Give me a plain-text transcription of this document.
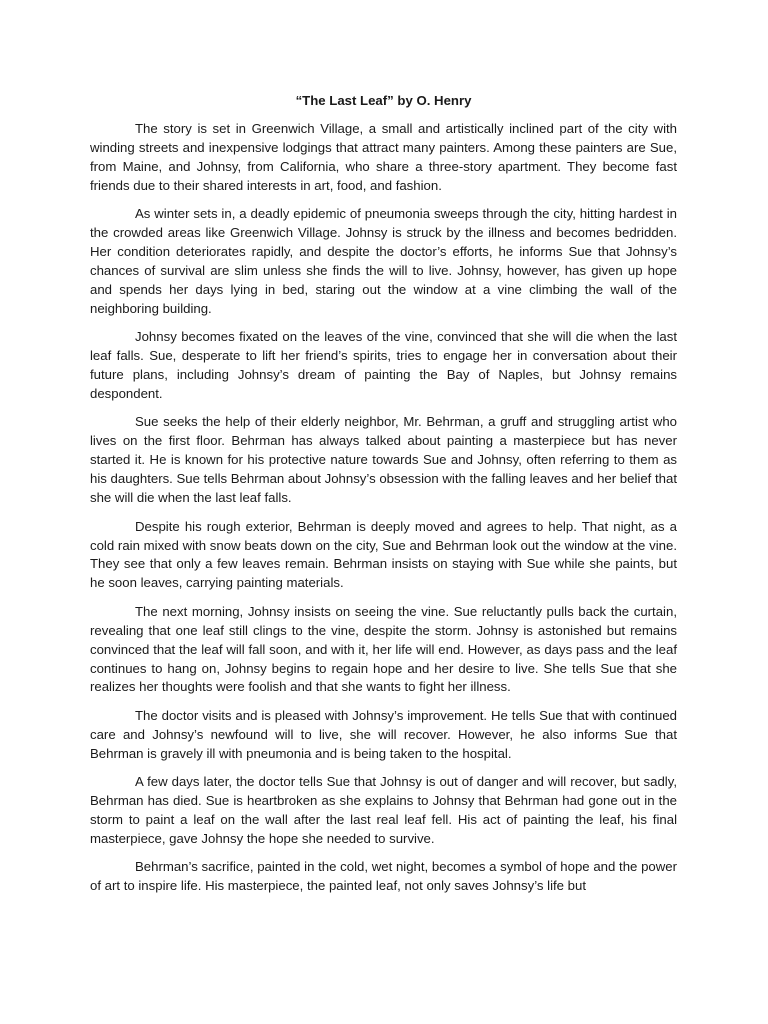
“The Last Leaf” by O. Henry

The story is set in Greenwich Village, a small and artistically inclined part of the city with winding streets and inexpensive lodgings that attract many painters. Among these painters are Sue, from Maine, and Johnsy, from California, who share a three-story apartment. They become fast friends due to their shared interests in art, food, and fashion.

As winter sets in, a deadly epidemic of pneumonia sweeps through the city, hitting hardest in the crowded areas like Greenwich Village. Johnsy is struck by the illness and becomes bedridden. Her condition deteriorates rapidly, and despite the doctor’s efforts, he informs Sue that Johnsy’s chances of survival are slim unless she finds the will to live. Johnsy, however, has given up hope and spends her days lying in bed, staring out the window at a vine climbing the wall of the neighboring building.

Johnsy becomes fixated on the leaves of the vine, convinced that she will die when the last leaf falls. Sue, desperate to lift her friend’s spirits, tries to engage her in conversation about their future plans, including Johnsy’s dream of painting the Bay of Naples, but Johnsy remains despondent.

Sue seeks the help of their elderly neighbor, Mr. Behrman, a gruff and struggling artist who lives on the first floor. Behrman has always talked about painting a masterpiece but has never started it. He is known for his protective nature towards Sue and Johnsy, often referring to them as his daughters. Sue tells Behrman about Johnsy’s obsession with the falling leaves and her belief that she will die when the last leaf falls.

Despite his rough exterior, Behrman is deeply moved and agrees to help. That night, as a cold rain mixed with snow beats down on the city, Sue and Behrman look out the window at the vine. They see that only a few leaves remain. Behrman insists on staying with Sue while she paints, but he soon leaves, carrying painting materials.

The next morning, Johnsy insists on seeing the vine. Sue reluctantly pulls back the curtain, revealing that one leaf still clings to the vine, despite the storm. Johnsy is astonished but remains convinced that the leaf will fall soon, and with it, her life will end. However, as days pass and the leaf continues to hang on, Johnsy begins to regain hope and her desire to live. She tells Sue that she realizes her thoughts were foolish and that she wants to fight her illness.

The doctor visits and is pleased with Johnsy’s improvement. He tells Sue that with continued care and Johnsy’s newfound will to live, she will recover. However, he also informs Sue that Behrman is gravely ill with pneumonia and is being taken to the hospital.

A few days later, the doctor tells Sue that Johnsy is out of danger and will recover, but sadly, Behrman has died. Sue is heartbroken as she explains to Johnsy that Behrman had gone out in the storm to paint a leaf on the wall after the last real leaf fell. His act of painting the leaf, his final masterpiece, gave Johnsy the hope she needed to survive.

Behrman’s sacrifice, painted in the cold, wet night, becomes a symbol of hope and the power of art to inspire life. His masterpiece, the painted leaf, not only saves Johnsy’s life but
